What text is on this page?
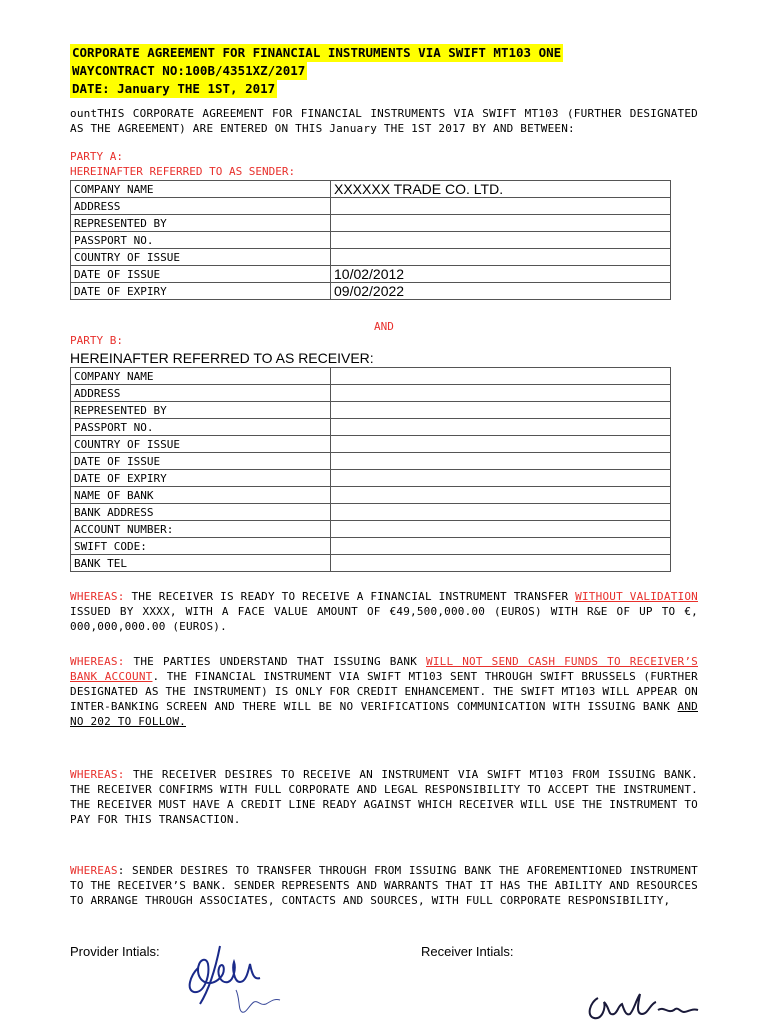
CORPORATE AGREEMENT FOR FINANCIAL INSTRUMENTS VIA SWIFT MT103 ONE
WAYCONTRACT NO:100B/4351XZ/2017
DATE: January THE 1ST, 2017
ountTHIS CORPORATE AGREEMENT FOR FINANCIAL INSTRUMENTS VIA SWIFT MT103 (FURTHER DESIGNATED AS THE AGREEMENT) ARE ENTERED ON THIS January THE 1ST 2017 BY AND BETWEEN:
PARTY A:
HEREINAFTER REFERRED TO AS SENDER:
COMPANY NAME	XXXXXX TRADE CO. LTD.
ADDRESS	
REPRESENTED BY	
PASSPORT NO.	
COUNTRY OF ISSUE	
DATE OF ISSUE	10/02/2012
DATE OF EXPIRY	09/02/2022
AND
PARTY B:
HEREINAFTER REFERRED TO AS RECEIVER:
COMPANY NAME	
ADDRESS	
REPRESENTED BY	
PASSPORT NO.	
COUNTRY OF ISSUE	
DATE OF ISSUE	
DATE OF EXPIRY	
NAME OF BANK	
BANK ADDRESS	
ACCOUNT NUMBER:	
SWIFT CODE:	
BANK TEL	
WHEREAS: THE RECEIVER IS READY TO RECEIVE A FINANCIAL INSTRUMENT TRANSFER WITHOUT VALIDATION ISSUED BY XXXX, WITH A FACE VALUE AMOUNT OF €49,500,000.00 (EUROS) WITH R&E OF UP TO €, 000,000,000.00 (EUROS).
WHEREAS: THE PARTIES UNDERSTAND THAT ISSUING BANK WILL NOT SEND CASH FUNDS TO RECEIVER’S BANK ACCOUNT. THE FINANCIAL INSTRUMENT VIA SWIFT MT103 SENT THROUGH SWIFT BRUSSELS (FURTHER DESIGNATED AS THE INSTRUMENT) IS ONLY FOR CREDIT ENHANCEMENT. THE SWIFT MT103 WILL APPEAR ON INTER-BANKING SCREEN AND THERE WILL BE NO VERIFICATIONS COMMUNICATION WITH ISSUING BANK AND NO 202 TO FOLLOW.
WHEREAS: THE RECEIVER DESIRES TO RECEIVE AN INSTRUMENT VIA SWIFT MT103 FROM ISSUING BANK. THE RECEIVER CONFIRMS WITH FULL CORPORATE AND LEGAL RESPONSIBILITY TO ACCEPT THE INSTRUMENT. THE RECEIVER MUST HAVE A CREDIT LINE READY AGAINST WHICH RECEIVER WILL USE THE INSTRUMENT TO PAY FOR THIS TRANSACTION.
WHEREAS: SENDER DESIRES TO TRANSFER THROUGH FROM ISSUING BANK THE AFOREMENTIONED INSTRUMENT TO THE RECEIVER’S BANK. SENDER REPRESENTS AND WARRANTS THAT IT HAS THE ABILITY AND RESOURCES TO ARRANGE THROUGH ASSOCIATES, CONTACTS AND SOURCES, WITH FULL CORPORATE RESPONSIBILITY,
Provider Intials:	Receiver Intials:
